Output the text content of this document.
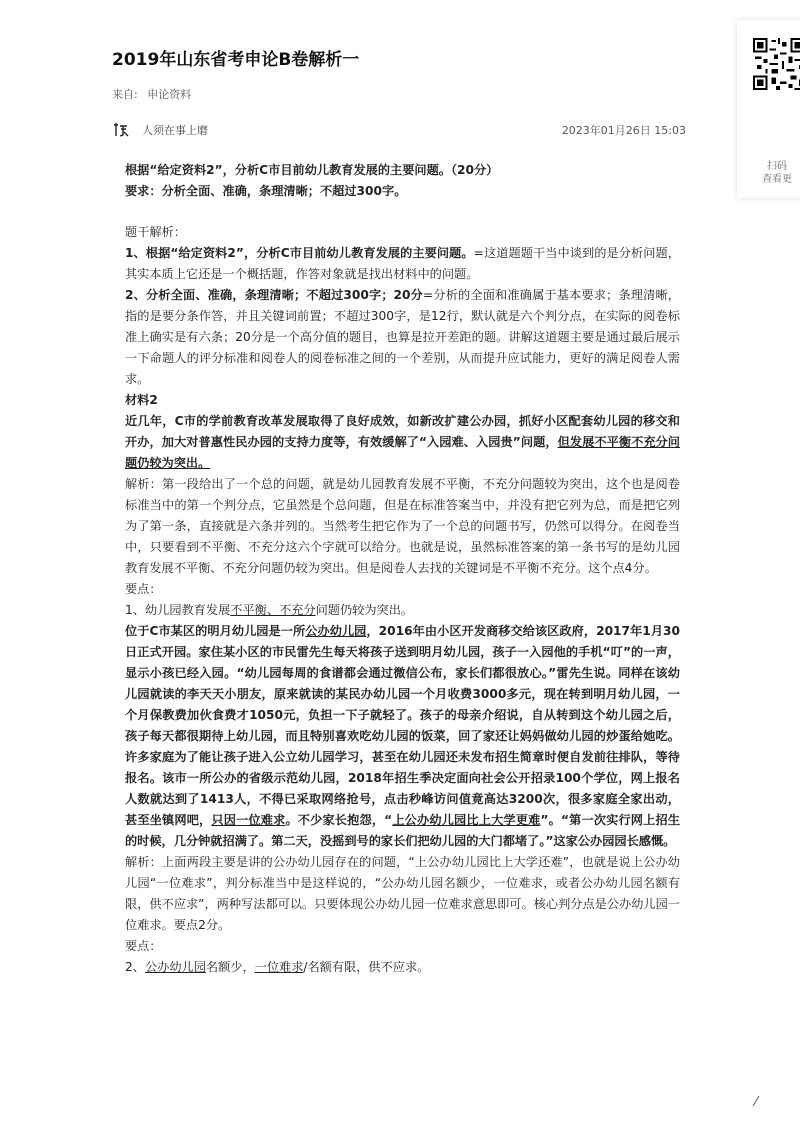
2019年山东省考申论B卷解析一
来自: 申论资料
人须在事上磨	2023年01月26日 15:03

根据“给定资料2”，分析C市目前幼儿教育发展的主要问题。（20分）

要求：分析全面、准确，条理清晰；不超过300字。

题干解析：

1、根据“给定资料2”，分析C市目前幼儿教育发展的主要问题。=这道题题干当中谈到的是分析问题，其实本质上它还是一个概括题，作答对象就是找出材料中的问题。

2、分析全面、准确，条理清晰；不超过300字；20分=分析的全面和准确属于基本要求；条理清晰，指的是要分条作答，并且关键词前置；不超过300字，是12行，默认就是六个判分点，在实际的阅卷标准上确实是有六条；20分是一个高分值的题目，也算是拉开差距的题。讲解这道题主要是通过最后展示一下命题人的评分标准和阅卷人的阅卷标准之间的一个差别，从而提升应试能力，更好的满足阅卷人需求。

材料2

近几年，C市的学前教育改革发展取得了良好成效，如新改扩建公办园，抓好小区配套幼儿园的移交和开办，加大对普惠性民办园的支持力度等，有效缓解了“入园难、入园贵”问题，但发展不平衡不充分问题仍较为突出。

解析：第一段给出了一个总的问题，就是幼儿园教育发展不平衡，不充分问题较为突出，这个也是阅卷标准当中的第一个判分点，它虽然是个总问题，但是在标准答案当中，并没有把它列为总，而是把它列为了第一条，直接就是六条并列的。当然考生把它作为了一个总的问题书写，仍然可以得分。在阅卷当中，只要看到不平衡、不充分这六个字就可以给分。也就是说，虽然标准答案的第一条书写的是幼儿园教育发展不平衡、不充分问题仍较为突出。但是阅卷人去找的关键词是不平衡不充分。这个点4分。

要点：

1、幼儿园教育发展不平衡、不充分问题仍较为突出。

位于C市某区的明月幼儿园是一所公办幼儿园，2016年由小区开发商移交给该区政府，2017年1月30日正式开园。家住某小区的市民雷先生每天将孩子送到明月幼儿园，孩子一入园他的手机“叮”的一声，显示小孩已经入园。“幼儿园每周的食谱都会通过微信公布，家长们都很放心。”雷先生说。同样在该幼儿园就读的李天天小朋友，原来就读的某民办幼儿园一个月收费3000多元，现在转到明月幼儿园，一个月保教费加伙食费才1050元，负担一下子就轻了。孩子的母亲介绍说，自从转到这个幼儿园之后，孩子每天都很期待上幼儿园，而且特别喜欢吃幼儿园的饭菜，回了家还让妈妈做幼儿园的炒蛋给她吃。许多家庭为了能让孩子进入公立幼儿园学习，甚至在幼儿园还未发布招生简章时便自发前往排队，等待报名。该市一所公办的省级示范幼儿园，2018年招生季决定面向社会公开招录100个学位，网上报名人数就达到了1413人，不得已采取网络抢号，点击秒峰访问值竟高达3200次，很多家庭全家出动，甚至坐镇网吧，只因一位难求。不少家长抱怨，“上公办幼儿园比上大学更难”。“第一次实行网上招生的时候，几分钟就招满了。第二天，没摇到号的家长们把幼儿园的大门都堵了。”这家公办园园长感慨。

解析：上面两段主要是讲的公办幼儿园存在的问题，“上公办幼儿园比上大学还难”，也就是说上公办幼儿园“一位难求”，判分标准当中是这样说的，“公办幼儿园名额少，一位难求，或者公办幼儿园名额有限，供不应求”，两种写法都可以。只要体现公办幼儿园一位难求意思即可。核心判分点是公办幼儿园一位难求。要点2分。

要点：

2、公办幼儿园名额少，一位难求/名额有限，供不应求。

扫码
查看更
